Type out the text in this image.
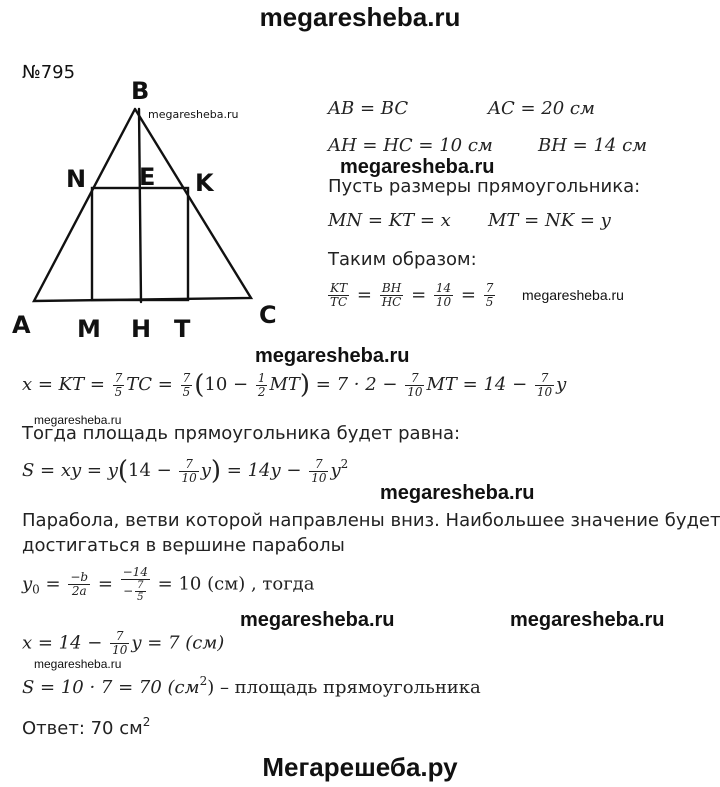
megaresheba.ru
№795
B
N E K
A M H T	C
megaresheba.ru	AB = BC	AC = 20 см
AH = HC = 10 см	BH = 14 см
megaresheba.ru
Пусть размеры прямоугольника:
MN = KT = x MT = NK = y
Таким образом:
$\frac{KT}{TC} = \frac{BH}{HC} = \frac{14}{10} = \frac{7}{5}$ megaresheba.ru
megaresheba.ru
x = KT = $\frac{7}{5}$ TC = $\frac{7}{5} (10 - \frac{1}{2} MT) = 7 \cdot 2 - \frac{7}{10}$ MT = $14 - \frac{7}{10}$ y
megaresheba.ru
Тогда площадь прямоугольника будет равна:
S = xy = $y(14 - \frac{7}{10} y) = 14y - \frac{7}{10} y^2$
megaresheba.ru
Парабола, ветви которой направлены вниз. Наибольшее значение будет
достигаться в вершине параболы
$y_0 = \frac{-b}{2a} = \frac{-14}{- \frac{7}{5}} = 10$ (см) , тогда
megaresheba.ru	megaresheba.ru
$x = 14 - \frac{7}{10}$ y = 7 (см)
megaresheba.ru
S = 10 · 7 = 70 $(см^2)$ – площадь прямоугольника
Ответ: 70 $см^2$
Мегарешеба.ру
